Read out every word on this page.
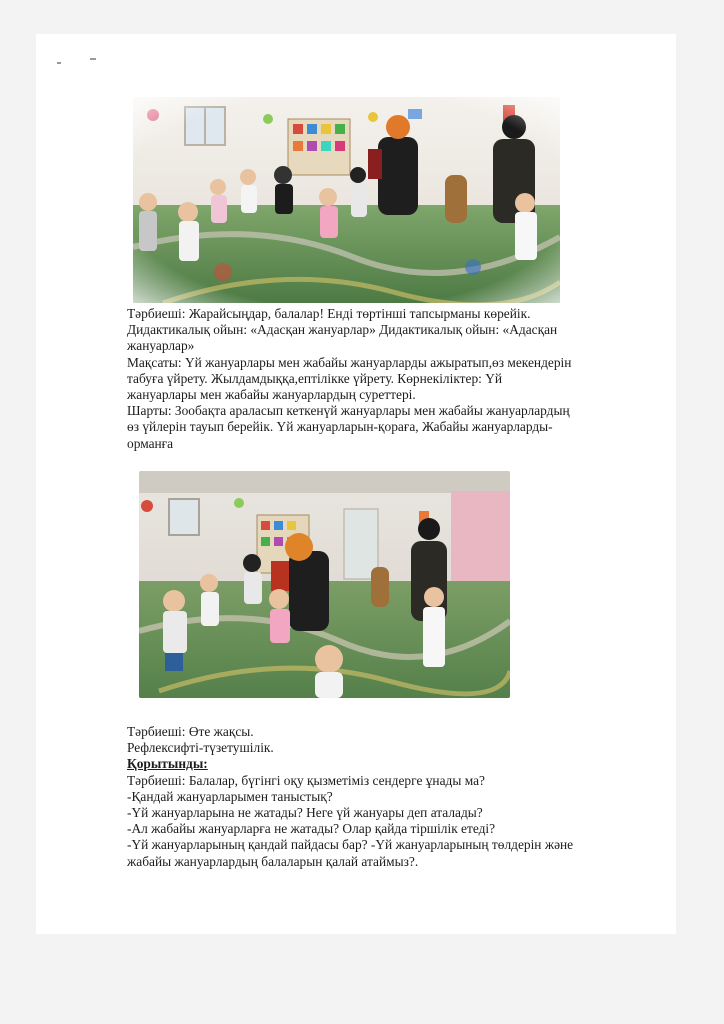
Тәрбиеші: Жарайсыңдар, балалар! Енді төртінші тапсырманы көрейік.

Дидактикалық ойын: «Адасқан жануарлар» Дидактикалық ойын: «Адасқан

жануарлар»

Мақсаты: Үй жануарлары мен жабайы жануарларды ажыратып,өз мекендерін

табуға үйрету. Жылдамдыққа,ептілікке үйрету. Көрнекіліктер: Үй

жануарлары мен жабайы жануарлардың суреттері.

Шарты: Зообақта араласып кеткенүй жануарлары мен жабайы жануарлардың

өз үйлерін тауып берейік. Үй жануарларын-қораға, Жабайы жануарларды-

орманға

Тәрбиеші: Өте жақсы.

Рефлексифті-түзетушілік.

Қорытынды:

Тәрбиеші: Балалар, бүгінгі оқу қызметіміз сендерге ұнады ма?

-Қандай жануарларымен таныстық?

-Үй жануарларына не жатады? Неге үй жануары деп аталады?

-Ал жабайы жануарларға не жатады? Олар қайда тіршілік етеді?

-Үй жануарларының қандай пайдасы бар? -Үй жануарларының төлдерін және

жабайы жануарлардың балаларын қалай атаймыз?.
